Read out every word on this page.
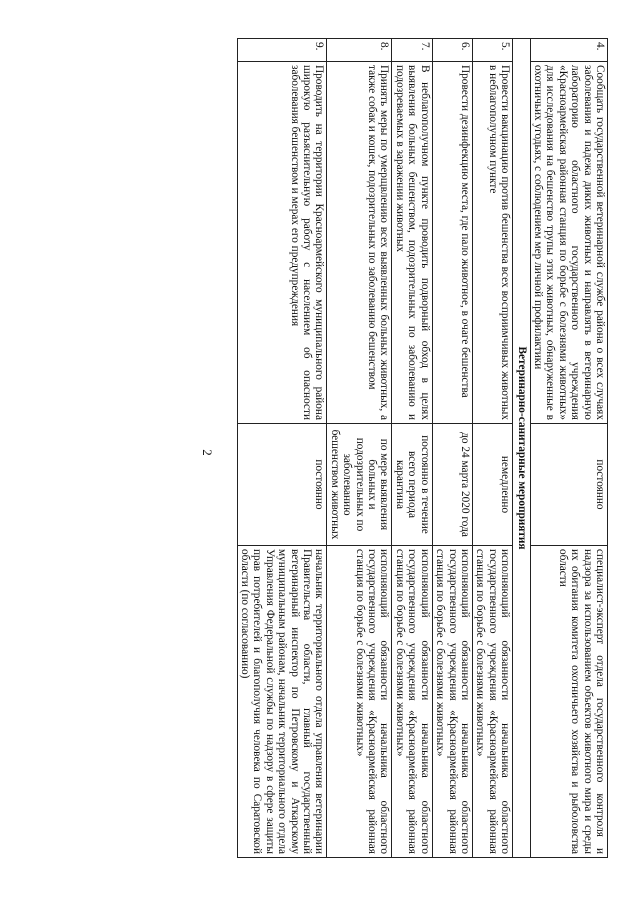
2
4.	Сообщать государственной ветеринарной службе района о всех случаях заболевания и падежа диких животных и направлять в ветеринарную лабораторию областного государственного учреждения «Красноармейская районная станция по борьбе с болезнями животных» для исследования на бешенство трупы этих животных, обнаруженные в охотничьих угодьях, с соблюдением мер личной профилактики	постоянно	специалист-эксперт отдела государственного контроля и надзора за использованием объектов животного мира и среды их обитания комитета охотничьего хозяйства и рыболовства области
Ветеринарно-санитарные мероприятия			
5.	Провести вакцинацию против бешенства всех восприимчивых животных в неблагополучном пункте	немедленно	исполняющий обязанности начальника областного государственного учреждения «Красноармейская районная станция по борьбе с болезнями животных»
6.	Провести дезинфекцию места, где пало животное, в очаге бешенства	до 24 марта 2020 года	исполняющий обязанности начальника областного государственного учреждения «Красноармейская районная станция по борьбе с болезнями животных»
7.	В неблагополучном пункте проводить подворный обход в целях выявления больных бешенством, подозрительных по заболеванию и подозреваемых в заражении животных	постоянно в течение всего периода карантина	исполняющий обязанности начальника областного государственного учреждения «Красноармейская районная станция по борьбе с болезнями животных»
8.	Принять меры по умерщвлению всех выявленных больных животных, а также собак и кошек, подозрительных по заболеванию бешенством	по мере выявления больных и подозрительных по заболеванию бешенством животных	исполняющий обязанности начальника областного государственного учреждения «Красноармейская районная станция по борьбе с болезнями животных»
9.	Проводить на территории Красноармейского муниципального района широкую разъяснительную работу с населением об опасности заболевания бешенством и мерах его предупреждения	постоянно	начальник территориального отдела управления ветеринарии Правительства области, главный государственный ветеринарный инспектор по Петровскому и Аткарскому муниципальным районам, начальник территориального отдела Управления Федеральной службы по надзору в сфере защиты прав потребителей и благополучия человека по Саратовской области (по согласованию)
